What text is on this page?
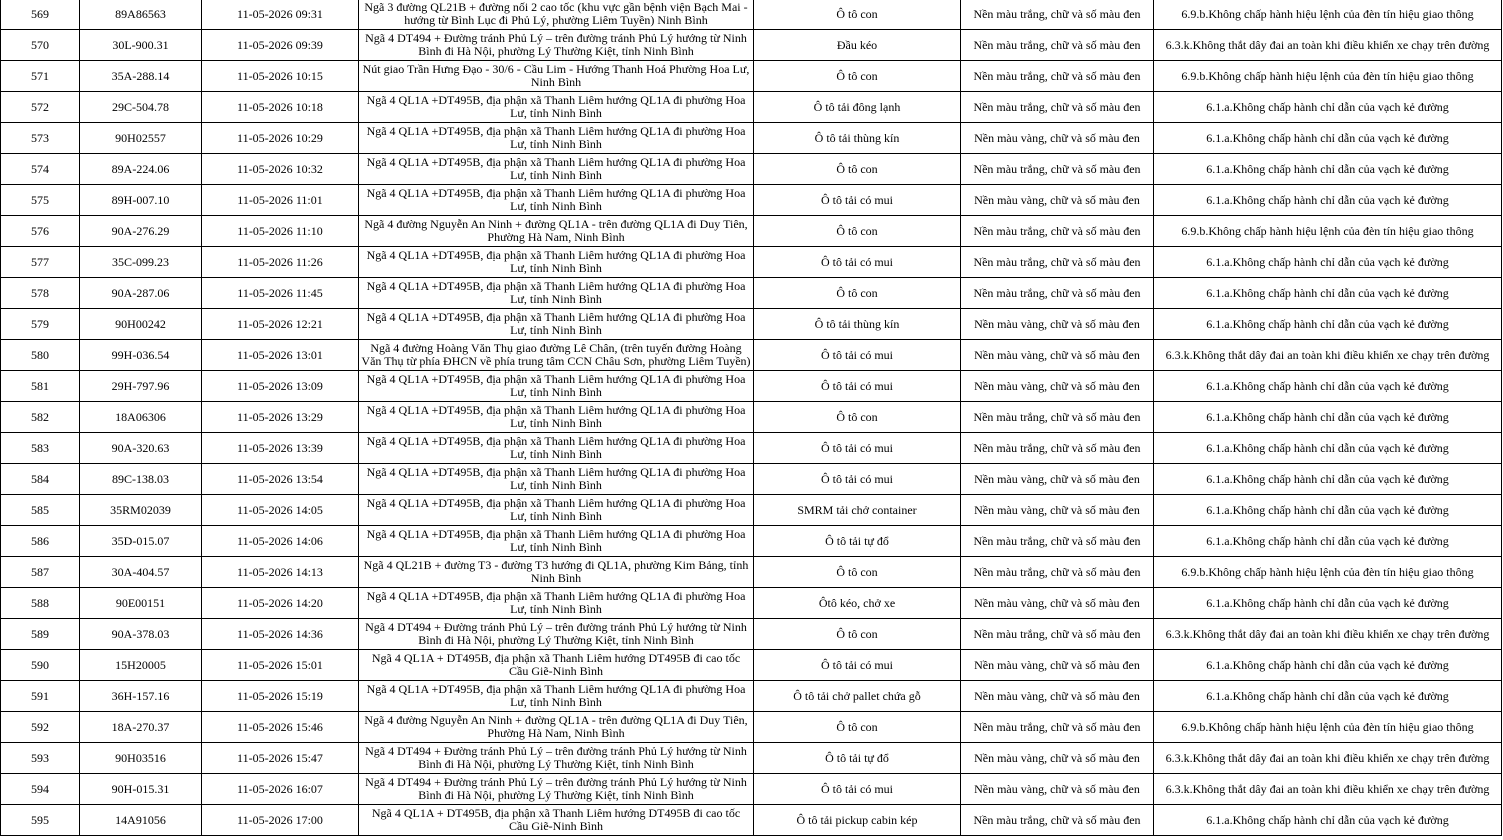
569	89A86563	11-05-2026 09:31	Ngã 3 đường QL21B + đường nối 2 cao tốc (khu vực gần bệnh viện Bạch Mai - hướng từ Bình Lục đi Phủ Lý, phường Liêm Tuyền) Ninh Bình	Ô tô con	Nền màu trắng, chữ và số màu đen	6.9.b.Không chấp hành hiệu lệnh của đèn tín hiệu giao thông
570	30L-900.31	11-05-2026 09:39	Ngã 4 DT494 + Đường tránh Phủ Lý – trên đường tránh Phủ Lý hướng từ Ninh Bình đi Hà Nội, phường Lý Thường Kiệt, tỉnh Ninh Bình	Đầu kéo	Nền màu trắng, chữ và số màu đen	6.3.k.Không thắt dây đai an toàn khi điều khiển xe chạy trên đường
571	35A-288.14	11-05-2026 10:15	Nút giao Trần Hưng Đạo - 30/6 - Cầu Lim - Hướng Thanh Hoá Phường Hoa Lư, Ninh Bình	Ô tô con	Nền màu trắng, chữ và số màu đen	6.9.b.Không chấp hành hiệu lệnh của đèn tín hiệu giao thông
572	29C-504.78	11-05-2026 10:18	Ngã 4 QL1A +DT495B, địa phận xã Thanh Liêm hướng QL1A đi phường Hoa Lư, tỉnh Ninh Bình	Ô tô tải đông lạnh	Nền màu trắng, chữ và số màu đen	6.1.a.Không chấp hành chỉ dẫn của vạch kẻ đường
573	90H02557	11-05-2026 10:29	Ngã 4 QL1A +DT495B, địa phận xã Thanh Liêm hướng QL1A đi phường Hoa Lư, tỉnh Ninh Bình	Ô tô tải thùng kín	Nền màu vàng, chữ và số màu đen	6.1.a.Không chấp hành chỉ dẫn của vạch kẻ đường
574	89A-224.06	11-05-2026 10:32	Ngã 4 QL1A +DT495B, địa phận xã Thanh Liêm hướng QL1A đi phường Hoa Lư, tỉnh Ninh Bình	Ô tô con	Nền màu trắng, chữ và số màu đen	6.1.a.Không chấp hành chỉ dẫn của vạch kẻ đường
575	89H-007.10	11-05-2026 11:01	Ngã 4 QL1A +DT495B, địa phận xã Thanh Liêm hướng QL1A đi phường Hoa Lư, tỉnh Ninh Bình	Ô tô tải có mui	Nền màu vàng, chữ và số màu đen	6.1.a.Không chấp hành chỉ dẫn của vạch kẻ đường
576	90A-276.29	11-05-2026 11:10	Ngã 4 đường Nguyễn An Ninh + đường QL1A - trên đường QL1A đi Duy Tiên, Phường Hà Nam, Ninh Bình	Ô tô con	Nền màu trắng, chữ và số màu đen	6.9.b.Không chấp hành hiệu lệnh của đèn tín hiệu giao thông
577	35C-099.23	11-05-2026 11:26	Ngã 4 QL1A +DT495B, địa phận xã Thanh Liêm hướng QL1A đi phường Hoa Lư, tỉnh Ninh Bình	Ô tô tải có mui	Nền màu trắng, chữ và số màu đen	6.1.a.Không chấp hành chỉ dẫn của vạch kẻ đường
578	90A-287.06	11-05-2026 11:45	Ngã 4 QL1A +DT495B, địa phận xã Thanh Liêm hướng QL1A đi phường Hoa Lư, tỉnh Ninh Bình	Ô tô con	Nền màu trắng, chữ và số màu đen	6.1.a.Không chấp hành chỉ dẫn của vạch kẻ đường
579	90H00242	11-05-2026 12:21	Ngã 4 QL1A +DT495B, địa phận xã Thanh Liêm hướng QL1A đi phường Hoa Lư, tỉnh Ninh Bình	Ô tô tải thùng kín	Nền màu vàng, chữ và số màu đen	6.1.a.Không chấp hành chỉ dẫn của vạch kẻ đường
580	99H-036.54	11-05-2026 13:01	Ngã 4 đường Hoàng Văn Thụ giao đường Lê Chân, (trên tuyến đường Hoàng Văn Thụ từ phía ĐHCN về phía trung tâm CCN Châu Sơn, phường Liêm Tuyền)	Ô tô tải có mui	Nền màu vàng, chữ và số màu đen	6.3.k.Không thắt dây đai an toàn khi điều khiển xe chạy trên đường
581	29H-797.96	11-05-2026 13:09	Ngã 4 QL1A +DT495B, địa phận xã Thanh Liêm hướng QL1A đi phường Hoa Lư, tỉnh Ninh Bình	Ô tô tải có mui	Nền màu vàng, chữ và số màu đen	6.1.a.Không chấp hành chỉ dẫn của vạch kẻ đường
582	18A06306	11-05-2026 13:29	Ngã 4 QL1A +DT495B, địa phận xã Thanh Liêm hướng QL1A đi phường Hoa Lư, tỉnh Ninh Bình	Ô tô con	Nền màu trắng, chữ và số màu đen	6.1.a.Không chấp hành chỉ dẫn của vạch kẻ đường
583	90A-320.63	11-05-2026 13:39	Ngã 4 QL1A +DT495B, địa phận xã Thanh Liêm hướng QL1A đi phường Hoa Lư, tỉnh Ninh Bình	Ô tô tải có mui	Nền màu trắng, chữ và số màu đen	6.1.a.Không chấp hành chỉ dẫn của vạch kẻ đường
584	89C-138.03	11-05-2026 13:54	Ngã 4 QL1A +DT495B, địa phận xã Thanh Liêm hướng QL1A đi phường Hoa Lư, tỉnh Ninh Bình	Ô tô tải có mui	Nền màu vàng, chữ và số màu đen	6.1.a.Không chấp hành chỉ dẫn của vạch kẻ đường
585	35RM02039	11-05-2026 14:05	Ngã 4 QL1A +DT495B, địa phận xã Thanh Liêm hướng QL1A đi phường Hoa Lư, tỉnh Ninh Bình	SMRM tải chở container	Nền màu vàng, chữ và số màu đen	6.1.a.Không chấp hành chỉ dẫn của vạch kẻ đường
586	35D-015.07	11-05-2026 14:06	Ngã 4 QL1A +DT495B, địa phận xã Thanh Liêm hướng QL1A đi phường Hoa Lư, tỉnh Ninh Bình	Ô tô tải tự đổ	Nền màu trắng, chữ và số màu đen	6.1.a.Không chấp hành chỉ dẫn của vạch kẻ đường
587	30A-404.57	11-05-2026 14:13	Ngã 4 QL21B + đường T3 - đường T3 hướng đi QL1A, phường Kim Bảng, tỉnh Ninh Bình	Ô tô con	Nền màu trắng, chữ và số màu đen	6.9.b.Không chấp hành hiệu lệnh của đèn tín hiệu giao thông
588	90E00151	11-05-2026 14:20	Ngã 4 QL1A +DT495B, địa phận xã Thanh Liêm hướng QL1A đi phường Hoa Lư, tỉnh Ninh Bình	Ôtô kéo, chở xe	Nền màu vàng, chữ và số màu đen	6.1.a.Không chấp hành chỉ dẫn của vạch kẻ đường
589	90A-378.03	11-05-2026 14:36	Ngã 4 DT494 + Đường tránh Phủ Lý – trên đường tránh Phủ Lý hướng từ Ninh Bình đi Hà Nội, phường Lý Thường Kiệt, tỉnh Ninh Bình	Ô tô con	Nền màu trắng, chữ và số màu đen	6.3.k.Không thắt dây đai an toàn khi điều khiển xe chạy trên đường
590	15H20005	11-05-2026 15:01	Ngã 4 QL1A + DT495B, địa phận xã Thanh Liêm hướng DT495B đi cao tốc Cầu Giẽ-Ninh Bình	Ô tô tải có mui	Nền màu vàng, chữ và số màu đen	6.1.a.Không chấp hành chỉ dẫn của vạch kẻ đường
591	36H-157.16	11-05-2026 15:19	Ngã 4 QL1A +DT495B, địa phận xã Thanh Liêm hướng QL1A đi phường Hoa Lư, tỉnh Ninh Bình	Ô tô tải chở pallet chứa gỗ	Nền màu vàng, chữ và số màu đen	6.1.a.Không chấp hành chỉ dẫn của vạch kẻ đường
592	18A-270.37	11-05-2026 15:46	Ngã 4 đường Nguyễn An Ninh + đường QL1A - trên đường QL1A đi Duy Tiên, Phường Hà Nam, Ninh Bình	Ô tô con	Nền màu trắng, chữ và số màu đen	6.9.b.Không chấp hành hiệu lệnh của đèn tín hiệu giao thông
593	90H03516	11-05-2026 15:47	Ngã 4 DT494 + Đường tránh Phủ Lý – trên đường tránh Phủ Lý hướng từ Ninh Bình đi Hà Nội, phường Lý Thường Kiệt, tỉnh Ninh Bình	Ô tô tải tự đổ	Nền màu vàng, chữ và số màu đen	6.3.k.Không thắt dây đai an toàn khi điều khiển xe chạy trên đường
594	90H-015.31	11-05-2026 16:07	Ngã 4 DT494 + Đường tránh Phủ Lý – trên đường tránh Phủ Lý hướng từ Ninh Bình đi Hà Nội, phường Lý Thường Kiệt, tỉnh Ninh Bình	Ô tô tải có mui	Nền màu vàng, chữ và số màu đen	6.3.k.Không thắt dây đai an toàn khi điều khiển xe chạy trên đường
595	14A91056	11-05-2026 17:00	Ngã 4 QL1A + DT495B, địa phận xã Thanh Liêm hướng DT495B đi cao tốc Cầu Giẽ-Ninh Bình	Ô tô tải pickup cabin kép	Nền màu trắng, chữ và số màu đen	6.1.a.Không chấp hành chỉ dẫn của vạch kẻ đường
